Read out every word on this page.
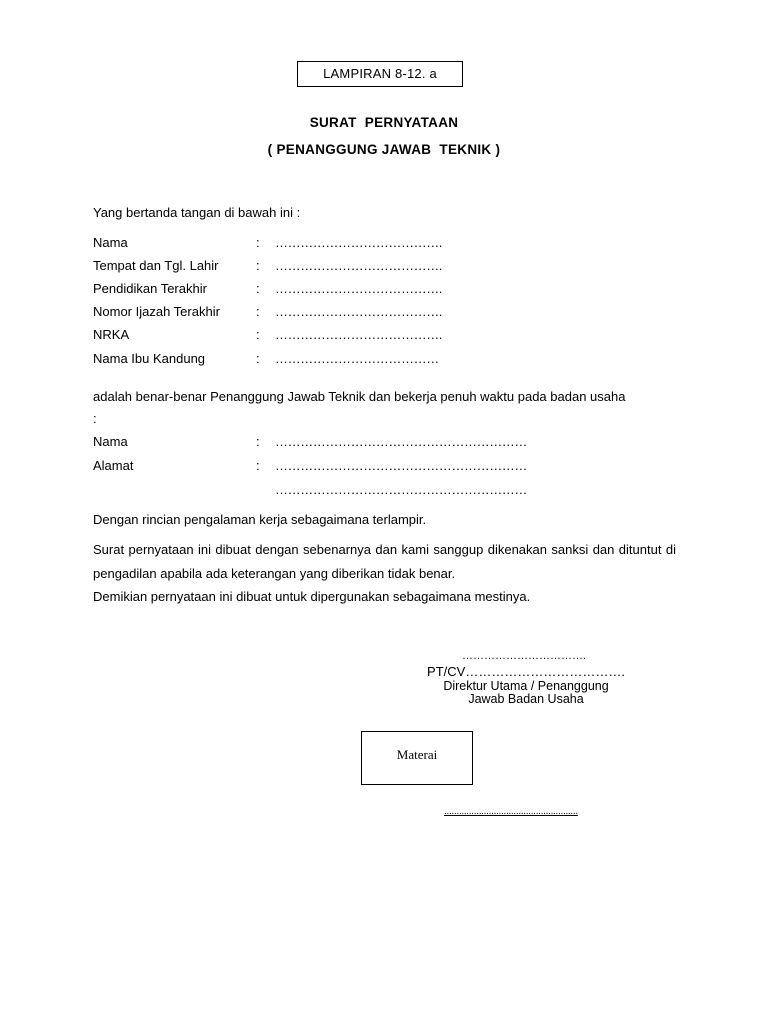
LAMPIRAN 8-12. a
SURAT  PERNYATAAN
( PENANGGUNG JAWAB  TEKNIK )
Yang bertanda tangan di bawah ini :
Nama	: ………………………………….
Tempat dan Tgl. Lahir	: ………………………………….
Pendidikan Terakhir	: ………………………………….
Nomor Ijazah Terakhir	: ………………………………….
NRKA	: ………………………………….
Nama Ibu Kandung	: …………………………………
adalah benar-benar Penanggung Jawab Teknik dan bekerja penuh waktu pada badan usaha
:
Nama	: ……………………………………………………
Alamat	: ……………………………………………………
……………………………………………………
Dengan rincian pengalaman kerja sebagaimana terlampir.
Surat pernyataan ini dibuat dengan sebenarnya dan kami sanggup dikenakan sanksi dan dituntut di pengadilan apabila ada keterangan yang diberikan tidak benar.
Demikian pernyataan ini dibuat untuk dipergunakan sebagaimana mestinya.
…………………………….
PT/CV……………………………….
Direktur Utama / Penanggung
Jawab Badan Usaha
Materai
......................................................
